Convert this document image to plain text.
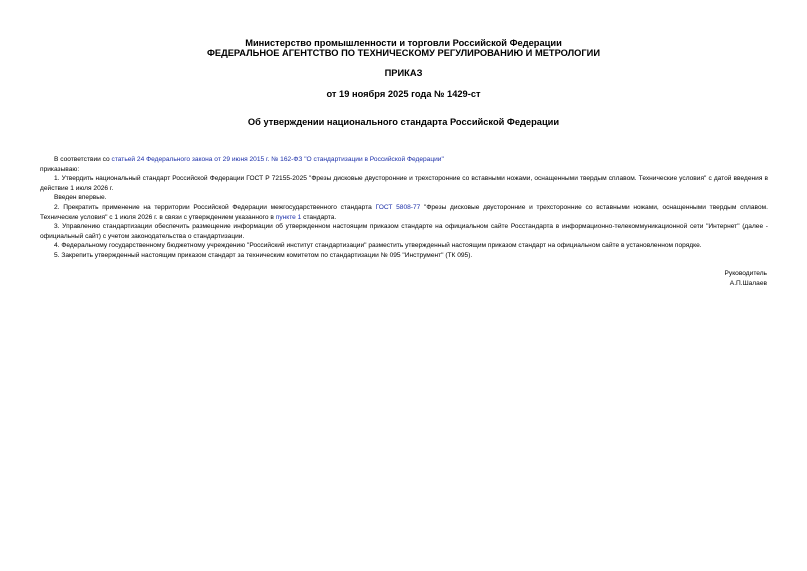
Министерство промышленности и торговли Российской Федерации
ФЕДЕРАЛЬНОЕ АГЕНТСТВО ПО ТЕХНИЧЕСКОМУ РЕГУЛИРОВАНИЮ И МЕТРОЛОГИИ
ПРИКАЗ
от 19 ноября 2025 года № 1429-ст
Об утверждении национального стандарта Российской Федерации

В соответствии со статьей 24 Федерального закона от 29 июня 2015 г. № 162-ФЗ "О стандартизации в Российской Федерации"

приказываю:

1. Утвердить национальный стандарт Российской Федерации ГОСТ Р 72155-2025 "Фрезы дисковые двусторонние и трехсторонние со вставными ножами, оснащенными твердым сплавом. Технические условия" с датой введения в действие 1 июля 2026 г.

Введен впервые.

2. Прекратить применение на территории Российской Федерации межгосударственного стандарта ГОСТ 5808-77 "Фрезы дисковые двусторонние и трехсторонние со вставными ножами, оснащенными твердым сплавом. Технические условия" с 1 июля 2026 г. в связи с утверждением указанного в пункте 1 стандарта.

3. Управлению стандартизации обеспечить размещение информации об утвержденном настоящим приказом стандарте на официальном сайте Росстандарта в информационно-телекоммуникационной сети "Интернет" (далее - официальный сайт) с учетом законодательства о стандартизации.

4. Федеральному государственному бюджетному учреждению "Российский институт стандартизации" разместить утвержденный настоящим приказом стандарт на официальном сайте в установленном порядке.

5. Закрепить утвержденный настоящим приказом стандарт за техническим комитетом по стандартизации № 095 "Инструмент" (ТК 095).

Руководитель
А.П.Шалаев
